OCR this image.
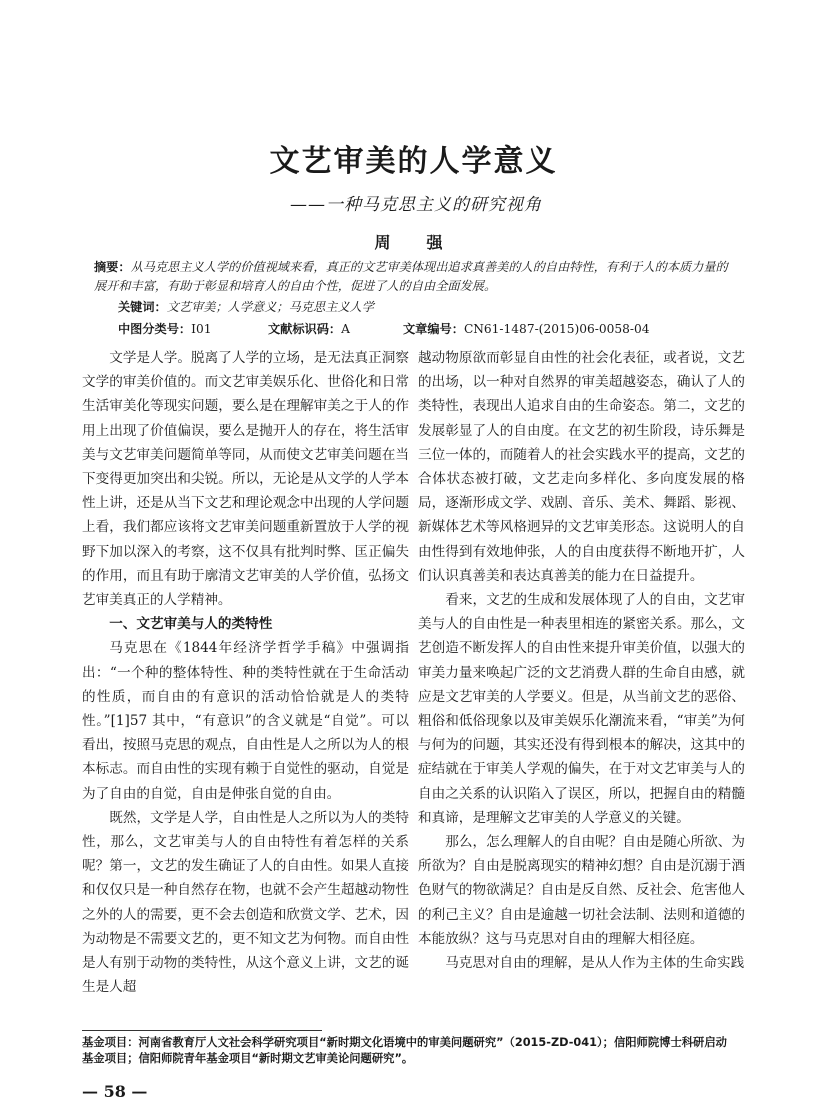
文艺审美的人学意义
——一种马克思主义的研究视角
周　强
摘要：从马克思主义人学的价值视域来看，真正的文艺审美体现出追求真善美的人的自由特性，有利于人的本质力量的展开和丰富，有助于彰显和培育人的自由个性，促进了人的自由全面发展。
关键词：文艺审美；人学意义；马克思主义人学
中图分类号：I01	文献标识码：A	文章编号：CN61-1487-(2015)06-0058-04

文学是人学。脱离了人学的立场，是无法真正洞察文学的审美价值的。而文艺审美娱乐化、世俗化和日常生活审美化等现实问题，要么是在理解审美之于人的作用上出现了价值偏误，要么是抛开人的存在，将生活审美与文艺审美问题简单等同，从而使文艺审美问题在当下变得更加突出和尖锐。所以，无论是从文学的人学本性上讲，还是从当下文艺和理论观念中出现的人学问题上看，我们都应该将文艺审美问题重新置放于人学的视野下加以深入的考察，这不仅具有批判时弊、匡正偏失的作用，而且有助于廓清文艺审美的人学价值，弘扬文艺审美真正的人学精神。

一、文艺审美与人的类特性

马克思在《1844年经济学哲学手稿》中强调指出：“一个种的整体特性、种的类特性就在于生命活动的性质，而自由的有意识的活动恰恰就是人的类特性。”[1]57 其中，“有意识”的含义就是“自觉”。可以看出，按照马克思的观点，自由性是人之所以为人的根本标志。而自由性的实现有赖于自觉性的驱动，自觉是为了自由的自觉，自由是伸张自觉的自由。

既然，文学是人学，自由性是人之所以为人的类特性，那么，文艺审美与人的自由特性有着怎样的关系呢？第一，文艺的发生确证了人的自由性。如果人直接和仅仅只是一种自然存在物，也就不会产生超越动物性之外的人的需要，更不会去创造和欣赏文学、艺术，因为动物是不需要文艺的，更不知文艺为何物。而自由性是人有别于动物的类特性，从这个意义上讲，文艺的诞生是人超

越动物原欲而彰显自由性的社会化表征，或者说，文艺的出场，以一种对自然界的审美超越姿态，确认了人的类特性，表现出人追求自由的生命姿态。第二，文艺的发展彰显了人的自由度。在文艺的初生阶段，诗乐舞是三位一体的，而随着人的社会实践水平的提高，文艺的合体状态被打破，文艺走向多样化、多向度发展的格局，逐渐形成文学、戏剧、音乐、美术、舞蹈、影视、新媒体艺术等风格迥异的文艺审美形态。这说明人的自由性得到有效地伸张，人的自由度获得不断地开扩，人们认识真善美和表达真善美的能力在日益提升。

看来，文艺的生成和发展体现了人的自由，文艺审美与人的自由性是一种表里相连的紧密关系。那么，文艺创造不断发挥人的自由性来提升审美价值，以强大的审美力量来唤起广泛的文艺消费人群的生命自由感，就应是文艺审美的人学要义。但是，从当前文艺的恶俗、粗俗和低俗现象以及审美娱乐化潮流来看，“审美”为何与何为的问题，其实还没有得到根本的解决，这其中的症结就在于审美人学观的偏失，在于对文艺审美与人的自由之关系的认识陷入了误区，所以，把握自由的精髓和真谛，是理解文艺审美的人学意义的关键。

那么，怎么理解人的自由呢？自由是随心所欲、为所欲为？自由是脱离现实的精神幻想？自由是沉溺于酒色财气的物欲满足？自由是反自然、反社会、危害他人的利己主义？自由是逾越一切社会法制、法则和道德的本能放纵？这与马克思对自由的理解大相径庭。

马克思对自由的理解，是从人作为主体的生命实践

基金项目：河南省教育厅人文社会科学研究项目“新时期文化语境中的审美问题研究”（2015-ZD-041）；信阳师院博士科研启动
基金项目；信阳师院青年基金项目“新时期文艺审美论问题研究”。
— 58 —
